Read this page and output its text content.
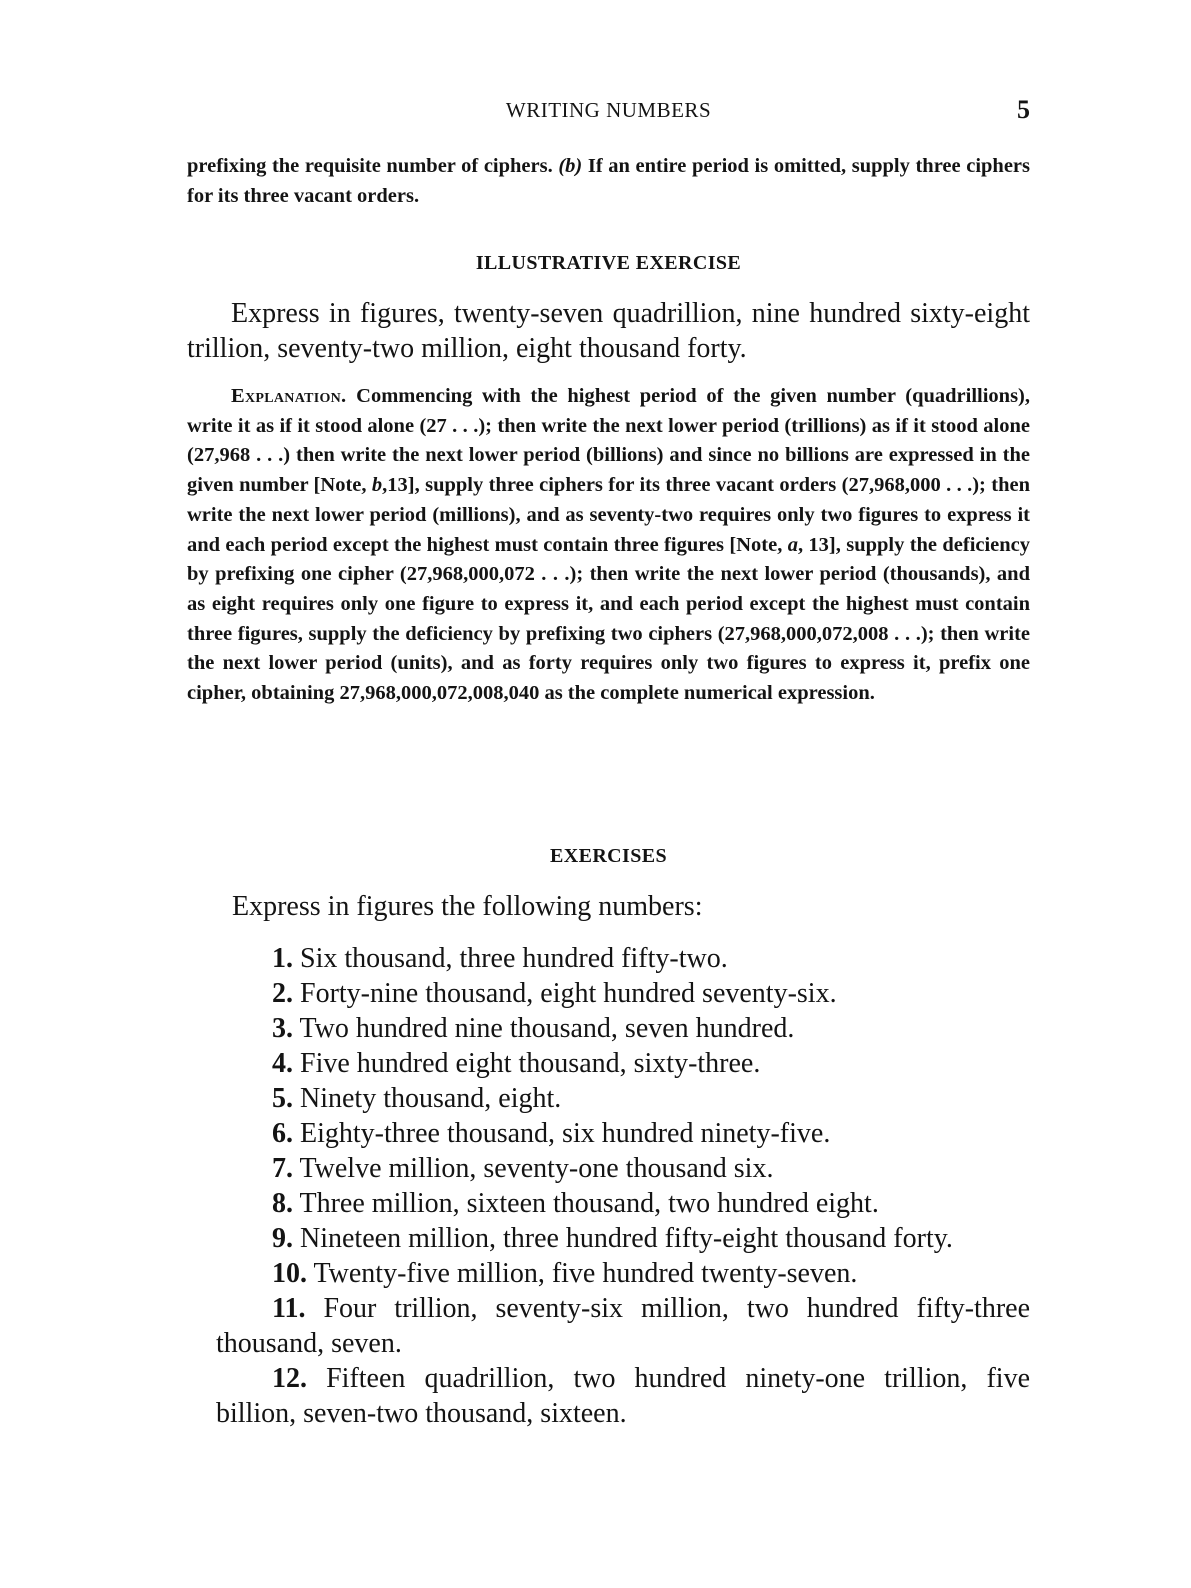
WRITING NUMBERS	5

prefixing the requisite number of ciphers. (b) If an entire period is omitted, supply three ciphers for its three vacant orders.

ILLUSTRATIVE EXERCISE

Express in figures, twenty-seven quadrillion, nine hundred sixty-eight trillion, seventy-two million, eight thousand forty.

Explanation. Commencing with the highest period of the given number (quadrillions), write it as if it stood alone (27 . . .); then write the next lower period (trillions) as if it stood alone (27,968 . . .) then write the next lower period (billions) and since no billions are expressed in the given number [Note, b,13], supply three ciphers for its three vacant orders (27,968,000 . . .); then write the next lower period (millions), and as seventy-two requires only two figures to express it and each period except the highest must contain three figures [Note, a, 13], supply the deficiency by prefixing one cipher (27,968,000,072 . . .); then write the next lower period (thousands), and as eight requires only one figure to express it, and each period except the highest must contain three figures, supply the deficiency by prefixing two ciphers (27,968,000,072,008 . . .); then write the next lower period (units), and as forty requires only two figures to express it, prefix one cipher, obtaining 27,968,000,072,008,040 as the complete numerical expression.

EXERCISES
Express in figures the following numbers:

1. Six thousand, three hundred fifty-two.

2. Forty-nine thousand, eight hundred seventy-six.

3. Two hundred nine thousand, seven hundred.

4. Five hundred eight thousand, sixty-three.

5. Ninety thousand, eight.

6. Eighty-three thousand, six hundred ninety-five.

7. Twelve million, seventy-one thousand six.

8. Three million, sixteen thousand, two hundred eight.

9. Nineteen million, three hundred fifty-eight thousand forty.

10. Twenty-five million, five hundred twenty-seven.

11. Four trillion, seventy-six million, two hundred fifty-three thousand, seven.

12. Fifteen quadrillion, two hundred ninety-one trillion, five billion, seven-two thousand, sixteen.
